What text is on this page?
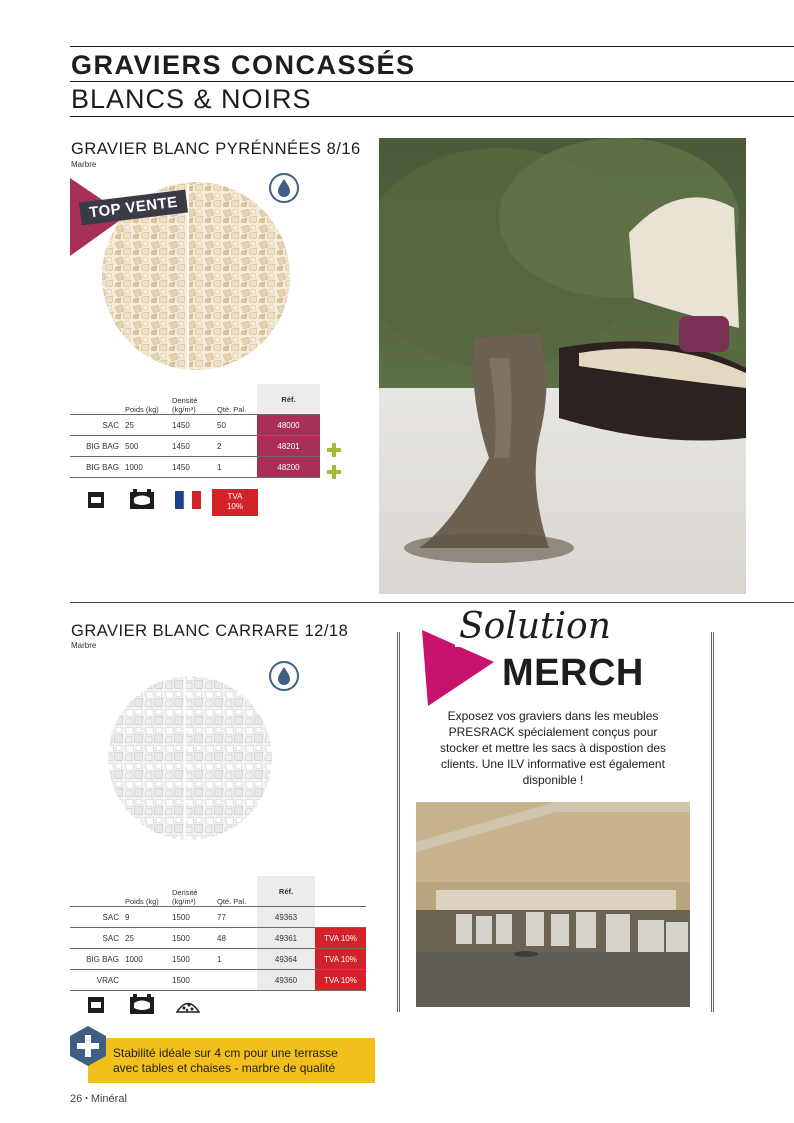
GRAVIERS CONCASSÉS
BLANCS & NOIRS
GRAVIER BLANC PYRÉNNÉES 8/16
Marbre
TOP VENTE
	Poids (kg)	Densité (kg/m³)	Qté. Pal.	Réf.
SAC	25	1450	50	48000
BIG BAG	500	1450	2	48201
BIG BAG	1000	1450	1	48200
TVA
10%
GRAVIER BLANC CARRARE 12/18
Marbre
	Poids (kg)	Densité (kg/m³)	Qté. Pal.	Réf.	
SAC	9	1500	77	49363	
SAC	25	1500	48	49361	TVA 10%
BIG BAG	1000	1500	1	49364	TVA 10%
VRAC		1500		49360	TVA 10%
Solution
MERCH
Exposez vos graviers dans les meubles PRESRACK spécialement conçus pour stocker et mettre les sacs à dispostion des clients. Une ILV informative est également disponible !
Stabilité idéale sur 4 cm pour une terrasse
avec tables et chaises - marbre de qualité
26 • Minéral
